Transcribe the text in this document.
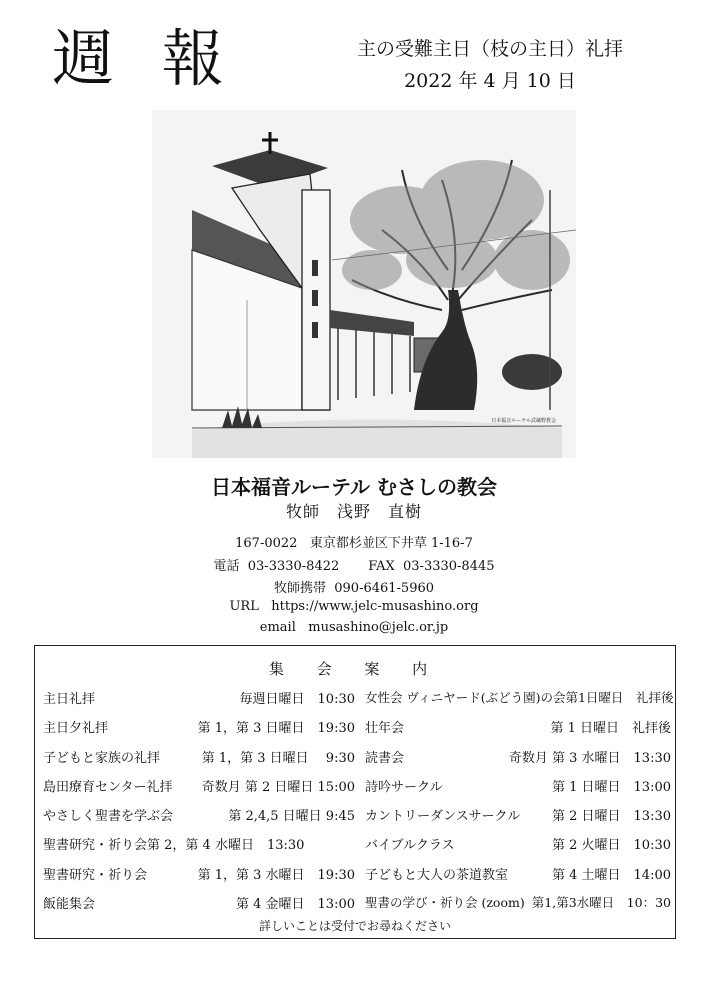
週 報	主の受難主日（枝の主日）礼拝
2022 年 4 月 10 日
日本福音ルーテル武蔵野教会
日本福音ルーテル むさしの教会
牧師　浅野　直樹
167-0022 東京都杉並区下井草 1-16-7
電話 03-3330-8422 FAX 03-3330-8445
牧師携帯 090-6461-5960
URL https://www.jelc-musashino.org
email musashino@jelc.or.jp
集 会 案 内
主日礼拝	毎週日曜日　10:30
主日夕礼拝	第 1，第 3 日曜日　19:30
子どもと家族の礼拝	第 1，第 3 日曜日　 9:30
島田療育センター礼拝 奇数月 第 2 日曜日 15:00
やさしく聖書を学ぶ会	第 2,4,5 日曜日 9:45
聖書研究・祈り会第 2，第 4 水曜日　13:30
聖書研究・祈り会	第 1，第 3 水曜日　19:30
飯能集会	第 4 金曜日　13:00
女性会 ヴィニヤード(ぶどう園)の会 第1日曜日　礼拝後
壮年会	第 1 日曜日　礼拝後
読書会	奇数月 第 3 水曜日　13:30
詩吟サークル	第 1 日曜日　13:00
カントリーダンスサークル 第 2 日曜日　13:30
バイブルクラス	第 2 火曜日　10:30
子どもと大人の茶道教室	第 4 土曜日　14:00
聖書の学び・祈り会 (zoom) 第1,第3水曜日　10：30
詳しいことは受付でお尋ねください
